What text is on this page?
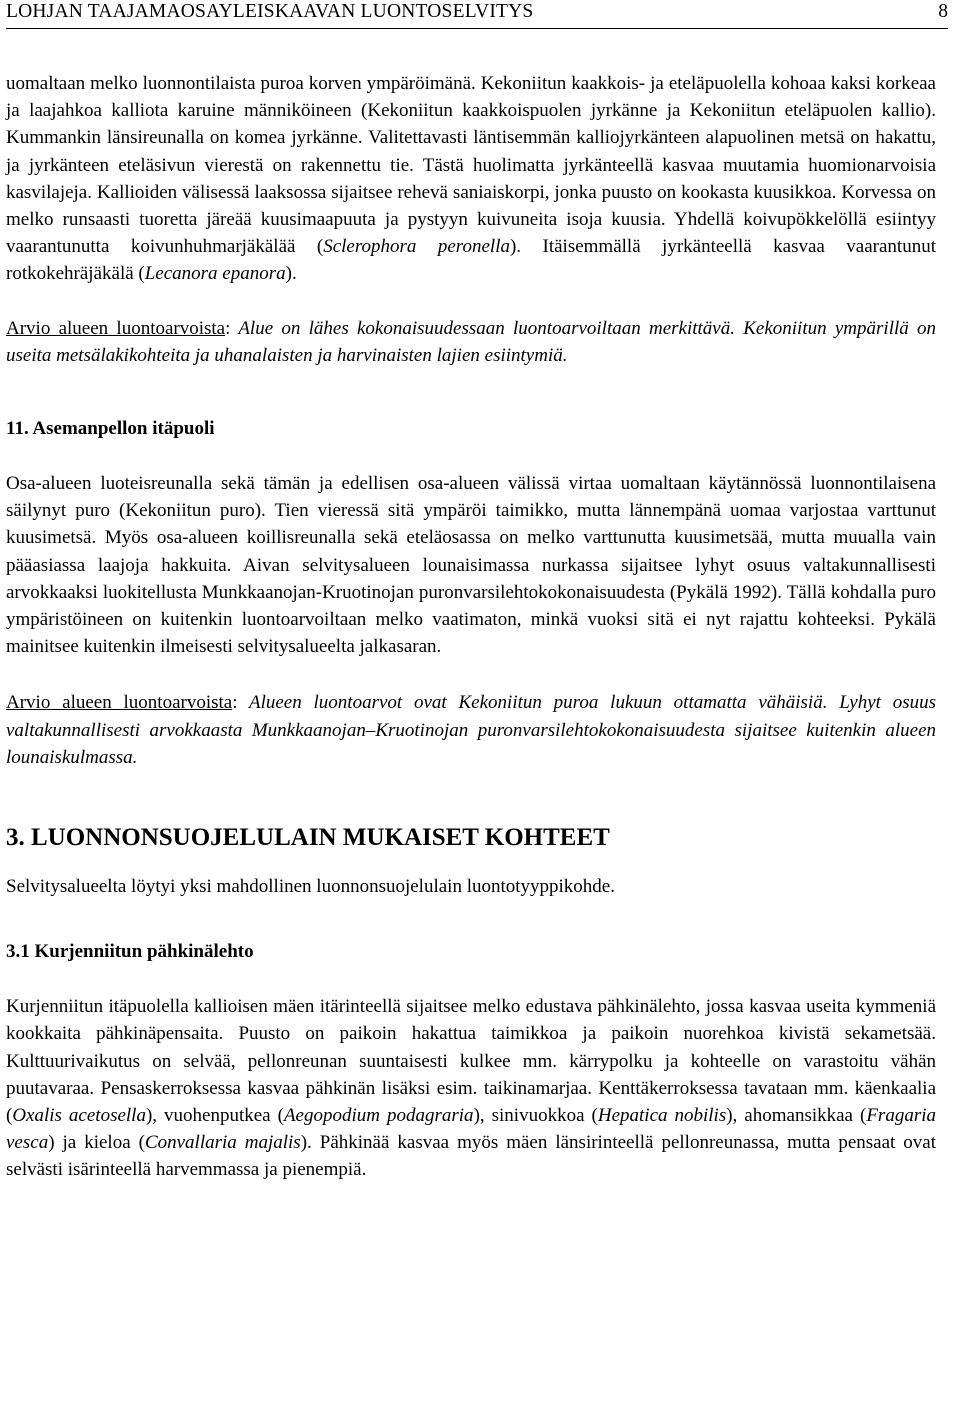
LOHJAN TAAJAMAOSAYLEISKAAVAN LUONTOSELVITYS	8

uomaltaan melko luonnontilaista puroa korven ympäröimänä. Kekoniitun kaakkois- ja eteläpuolella kohoaa kaksi korkeaa ja laajahkoa kalliota karuine männiköineen (Kekoniitun kaakkoispuolen jyrkänne ja Kekoniitun eteläpuolen kallio). Kummankin länsireunalla on komea jyrkänne. Valitettavasti läntisemmän kalliojyrkänteen alapuolinen metsä on hakattu, ja jyrkänteen eteläsivun vierestä on rakennettu tie. Tästä huolimatta jyrkänteellä kasvaa muutamia huomionarvoisia kasvilajeja. Kallioiden välisessä laaksossa sijaitsee rehevä saniaiskorpi, jonka puusto on kookasta kuusikkoa. Korvessa on melko runsaasti tuoretta järeää kuusimaapuuta ja pystyyn kuivuneita isoja kuusia. Yhdellä koivupökkelöllä esiintyy vaarantunutta koivunhuhmarjäkälää (Sclerophora peronella). Itäisemmällä jyrkänteellä kasvaa vaarantunut rotkokehräjäkälä (Lecanora epanora).

Arvio alueen luontoarvoista: Alue on lähes kokonaisuudessaan luontoarvoiltaan merkittävä. Kekoniitun ympärillä on useita metsälakikohteita ja uhanalaisten ja harvinaisten lajien esiintymiä.

11. Asemanpellon itäpuoli

Osa-alueen luoteisreunalla sekä tämän ja edellisen osa-alueen välissä virtaa uomaltaan käytännössä luonnontilaisena säilynyt puro (Kekoniitun puro). Tien vieressä sitä ympäröi taimikko, mutta lännempänä uomaa varjostaa varttunut kuusimetsä. Myös osa-alueen koillisreunalla sekä eteläosassa on melko varttunutta kuusimetsää, mutta muualla vain pääasiassa laajoja hakkuita. Aivan selvitysalueen lounaisimassa nurkassa sijaitsee lyhyt osuus valtakunnallisesti arvokkaaksi luokitellusta Munkkaanojan-Kruotinojan puronvarsilehtokokonaisuudesta (Pykälä 1992). Tällä kohdalla puro ympäristöineen on kuitenkin luontoarvoiltaan melko vaatimaton, minkä vuoksi sitä ei nyt rajattu kohteeksi. Pykälä mainitsee kuitenkin ilmeisesti selvitysalueelta jalkasaran.

Arvio alueen luontoarvoista: Alueen luontoarvot ovat Kekoniitun puroa lukuun ottamatta vähäisiä. Lyhyt osuus valtakunnallisesti arvokkaasta Munkkaanojan–Kruotinojan puronvarsilehtokokonaisuudesta sijaitsee kuitenkin alueen lounaiskulmassa.

3. LUONNONSUOJELULAIN MUKAISET KOHTEET

Selvitysalueelta löytyi yksi mahdollinen luonnonsuojelulain luontotyyppikohde.

3.1 Kurjenniitun pähkinälehto

Kurjenniitun itäpuolella kallioisen mäen itärinteellä sijaitsee melko edustava pähkinälehto, jossa kasvaa useita kymmeniä kookkaita pähkinäpensaita. Puusto on paikoin hakattua taimikkoa ja paikoin nuorehkoa kivistä sekametsää. Kulttuurivaikutus on selvää, pellonreunan suuntaisesti kulkee mm. kärrypolku ja kohteelle on varastoitu vähän puutavaraa. Pensaskerroksessa kasvaa pähkinän lisäksi esim. taikinamarjaa. Kenttäkerroksessa tavataan mm. käenkaalia (Oxalis acetosella), vuohenputkea (Aegopodium podagraria), sinivuokkoa (Hepatica nobilis), ahomansikkaa (Fragaria vesca) ja kieloa (Convallaria majalis). Pähkinää kasvaa myös mäen länsirinteellä pellonreunassa, mutta pensaat ovat selvästi isärinteellä harvemmassa ja pienempiä.
